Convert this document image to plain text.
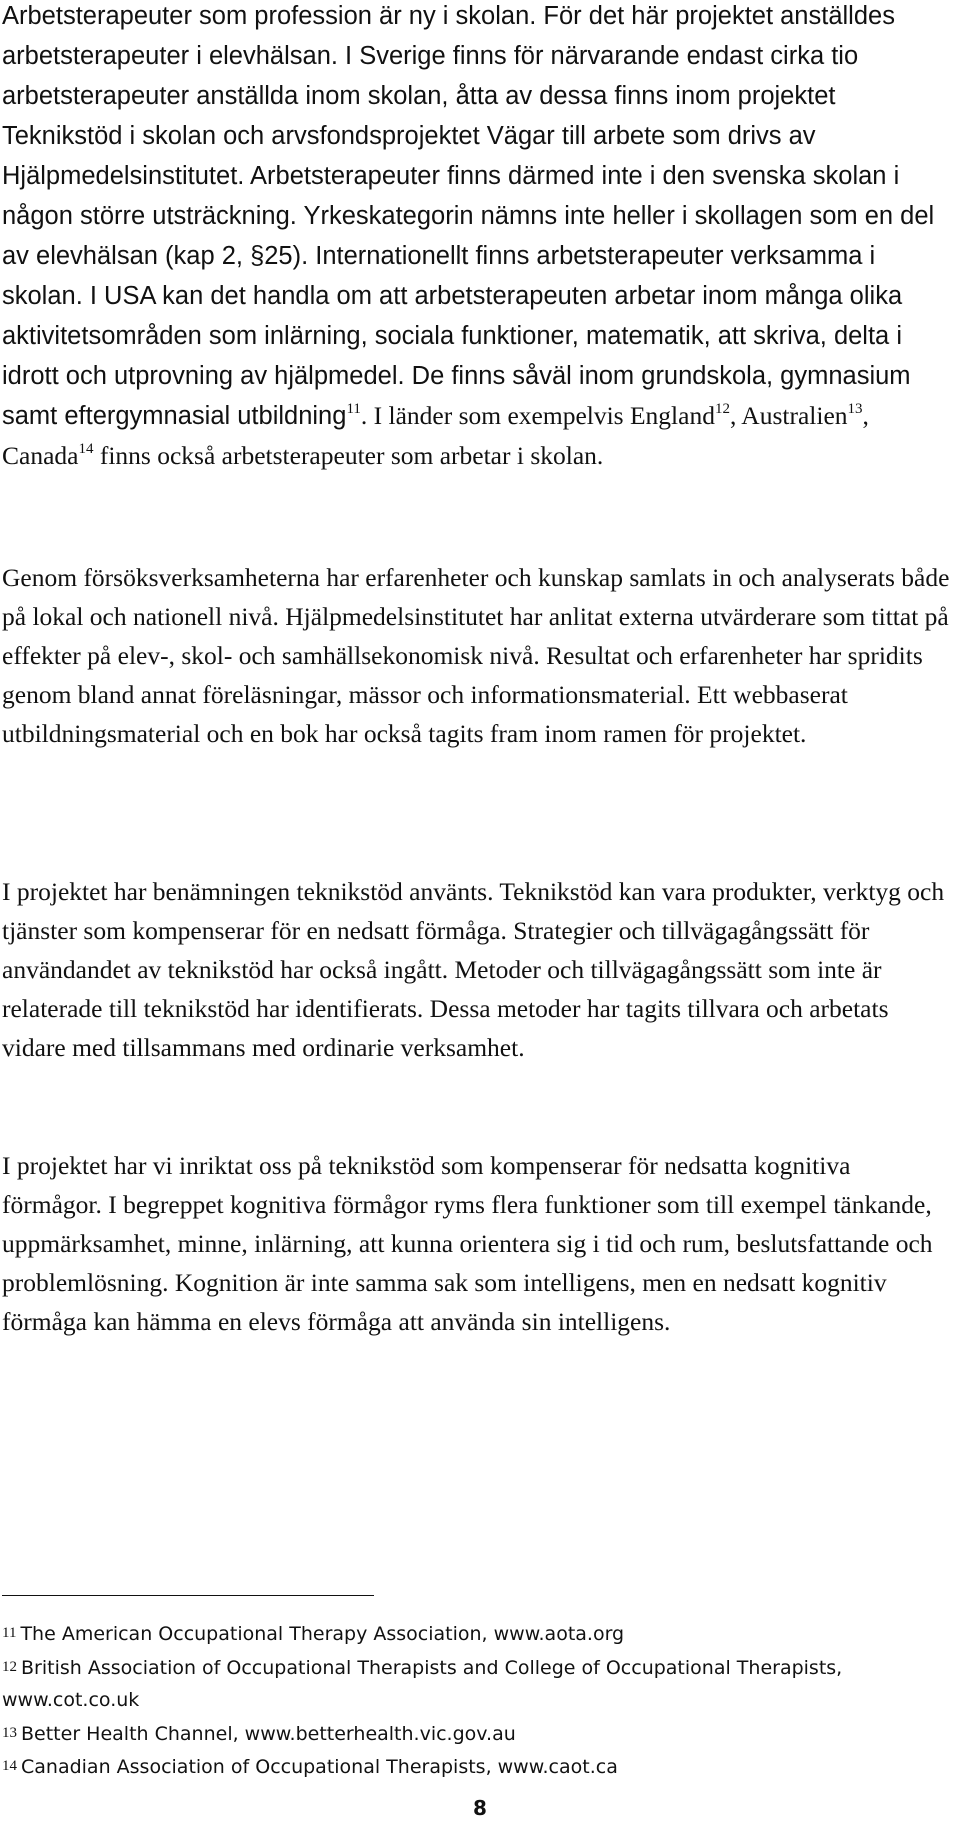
Arbetsterapeuter som profession är ny i skolan. För det här projektet anställdes arbetsterapeuter i elevhälsan. I Sverige finns för närvarande endast cirka tio arbetsterapeuter anställda inom skolan, åtta av dessa finns inom projektet Teknikstöd i skolan och arvsfondsprojektet Vägar till arbete som drivs av Hjälpmedelsinstitutet. Arbetsterapeuter finns därmed inte i den svenska skolan i någon större utsträckning. Yrkeskategorin nämns inte heller i skollagen som en del av elevhälsan (kap 2, §25). Internationellt finns arbetsterapeuter verksamma i skolan. I USA kan det handla om att arbetsterapeuten arbetar inom många olika aktivitetsområden som inlärning, sociala funktioner, matematik, att skriva, delta i idrott och utprovning av hjälpmedel. De finns såväl inom grundskola, gymnasium samt eftergymnasial utbildning$^{11}$. I länder som exempelvis England$^{12}$, Australien$^{13}$, Canada$^{14}$ finns också arbetsterapeuter som arbetar i skolan.

Genom försöksverksamheterna har erfarenheter och kunskap samlats in och analyserats både på lokal och nationell nivå. Hjälpmedelsinstitutet har anlitat externa utvärderare som tittat på effekter på elev-, skol- och samhällsekonomisk nivå. Resultat och erfarenheter har spridits genom bland annat föreläsningar, mässor och informationsmaterial. Ett webbaserat utbildningsmaterial och en bok har också tagits fram inom ramen för projektet.

I projektet har benämningen teknikstöd använts. Teknikstöd kan vara produkter, verktyg och tjänster som kompenserar för en nedsatt förmåga. Strategier och tillvägagångssätt för användandet av teknikstöd har också ingått. Metoder och tillvägagångssätt som inte är relaterade till teknikstöd har identifierats. Dessa metoder har tagits tillvara och arbetats vidare med tillsammans med ordinarie verksamhet.

I projektet har vi inriktat oss på teknikstöd som kompenserar för nedsatta kognitiva förmågor. I begreppet kognitiva förmågor ryms flera funktioner som till exempel tänkande, uppmärksamhet, minne, inlärning, att kunna orientera sig i tid och rum, beslutsfattande och problemlösning. Kognition är inte samma sak som intelligens, men en nedsatt kognitiv förmåga kan hämma en elevs förmåga att använda sin intelligens.

11 The American Occupational Therapy Association, www.aota.org

12 British Association of Occupational Therapists and College of Occupational Therapists, www.cot.co.uk

13 Better Health Channel, www.betterhealth.vic.gov.au

14 Canadian Association of Occupational Therapists, www.caot.ca

8
